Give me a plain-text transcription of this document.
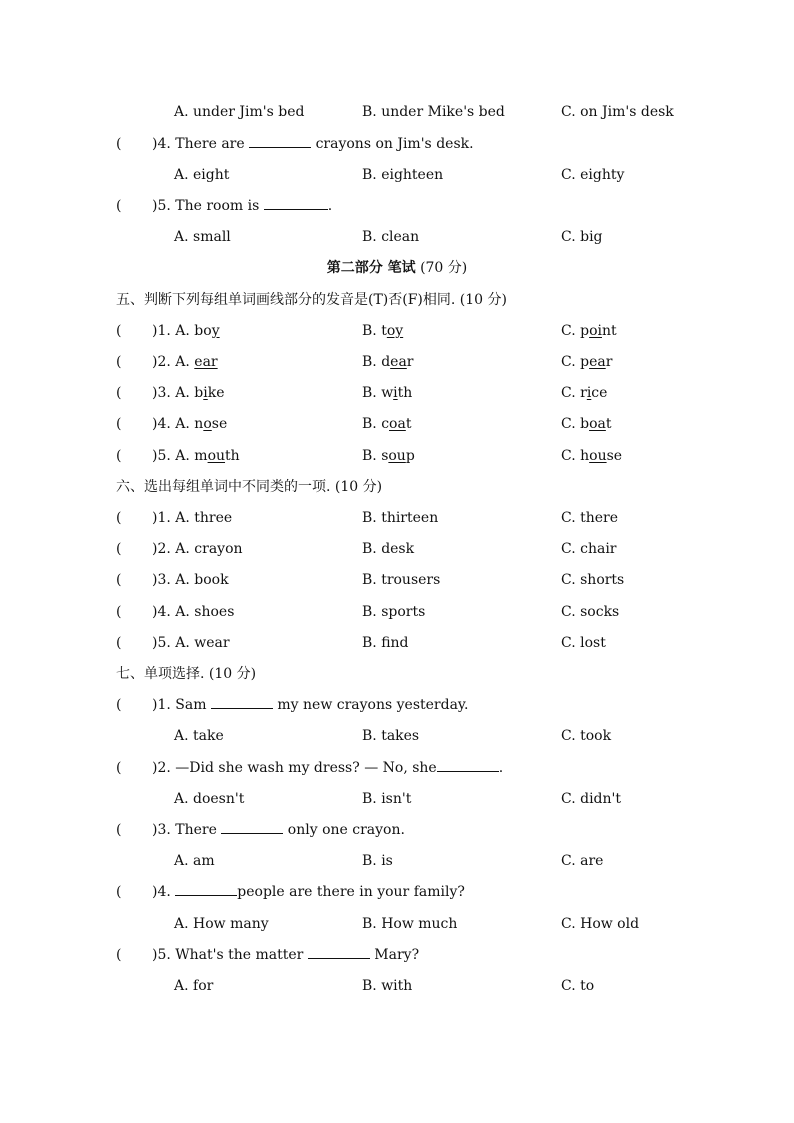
A. under Jim's bed	B. under Mike's bed	C. on Jim's desk
( )4. There are	crayons on Jim's desk.
A. eight	B. eighteen	C. eighty
( )5. The room is	.
A. small	B. clean	C. big
第二部分 笔试 (70 分)
五、判断下列每组单词画线部分的发音是(T)否(F)相同. (10 分)
( )1. A. boy	B. toy	C. point
( )2. A. ear	B. dear	C. pear
( )3. A. bike	B. with	C. rice
( )4. A. nose	B. coat	C. boat
( )5. A. mouth	B. soup	C. house
六、选出每组单词中不同类的一项. (10 分)
( )1. A. three	B. thirteen	C. there
( )2. A. crayon	B. desk	C. chair
( )3. A. book	B. trousers	C. shorts
( )4. A. shoes	B. sports	C. socks
( )5. A. wear	B. find	C. lost
七、单项选择. (10 分)
( )1. Sam	my new crayons yesterday.
A. take	B. takes	C. took
( )2. —Did she wash my dress? — No, she	.
A. doesn't	B. isn't	C. didn't
( )3. There	only one crayon.
A. am	B. is	C. are
( )4.	people are there in your family?
A. How many	B. How much	C. How old
( )5. What's the matter	Mary?
A. for	B. with	C. to
